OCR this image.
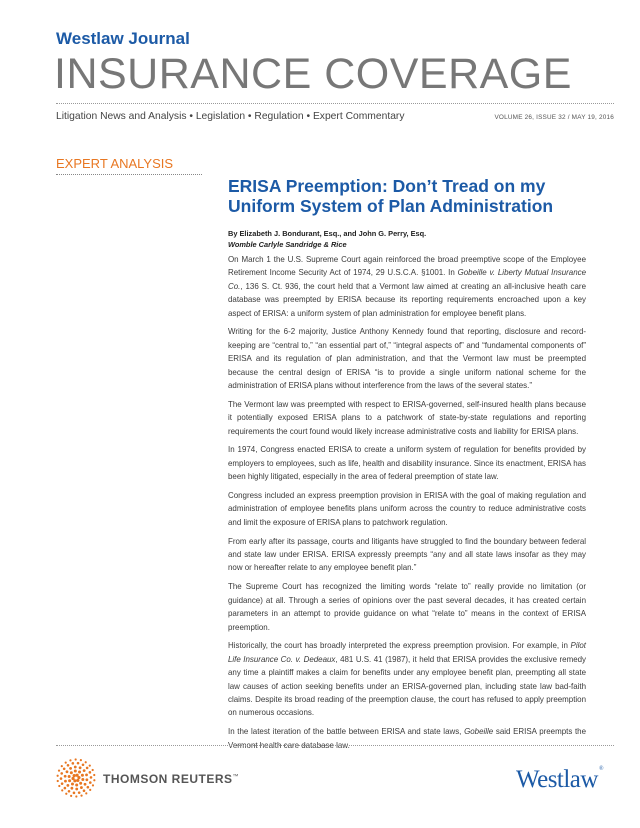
Westlaw Journal
INSURANCE COVERAGE
Litigation News and Analysis • Legislation • Regulation • Expert Commentary	VOLUME 26, ISSUE 32 / MAY 19, 2016
EXPERT ANALYSIS
ERISA Preemption: Don’t Tread on my Uniform System of Plan Administration
By Elizabeth J. Bondurant, Esq., and John G. Perry, Esq.
Womble Carlyle Sandridge & Rice

On March 1 the U.S. Supreme Court again reinforced the broad preemptive scope of the Employee Retirement Income Security Act of 1974, 29 U.S.C.A. §1001. In Gobeille v. Liberty Mutual Insurance Co., 136 S. Ct. 936, the court held that a Vermont law aimed at creating an all-inclusive heath care database was preempted by ERISA because its reporting requirements encroached upon a key aspect of ERISA: a uniform system of plan administration for employee benefit plans.

Writing for the 6-2 majority, Justice Anthony Kennedy found that reporting, disclosure and record-keeping are “central to,” “an essential part of,” “integral aspects of” and “fundamental components of” ERISA and its regulation of plan administration, and that the Vermont law must be preempted because the central design of ERISA “is to provide a single uniform national scheme for the administration of ERISA plans without interference from the laws of the several states.”

The Vermont law was preempted with respect to ERISA-governed, self-insured health plans because it potentially exposed ERISA plans to a patchwork of state-by-state regulations and reporting requirements the court found would likely increase administrative costs and liability for ERISA plans.

In 1974, Congress enacted ERISA to create a uniform system of regulation for benefits provided by employers to employees, such as life, health and disability insurance. Since its enactment, ERISA has been highly litigated, especially in the area of federal preemption of state law.

Congress included an express preemption provision in ERISA with the goal of making regulation and administration of employee benefits plans uniform across the country to reduce administrative costs and limit the exposure of ERISA plans to patchwork regulation.

From early after its passage, courts and litigants have struggled to find the boundary between federal and state law under ERISA. ERISA expressly preempts “any and all state laws insofar as they may now or hereafter relate to any employee benefit plan.”

The Supreme Court has recognized the limiting words “relate to” really provide no limitation (or guidance) at all. Through a series of opinions over the past several decades, it has created certain parameters in an attempt to provide guidance on what “relate to” means in the context of ERISA preemption.

Historically, the court has broadly interpreted the express preemption provision. For example, in Pilot Life Insurance Co. v. Dedeaux, 481 U.S. 41 (1987), it held that ERISA provides the exclusive remedy any time a plaintiff makes a claim for benefits under any employee benefit plan, preempting all state law causes of action seeking benefits under an ERISA-governed plan, including state law bad-faith claims. Despite its broad reading of the preemption clause, the court has refused to apply preemption on numerous occasions.

In the latest iteration of the battle between ERISA and state laws, Gobeille said ERISA preempts the Vermont health care database law.

THOMSON REUTERS™	Westlaw®
